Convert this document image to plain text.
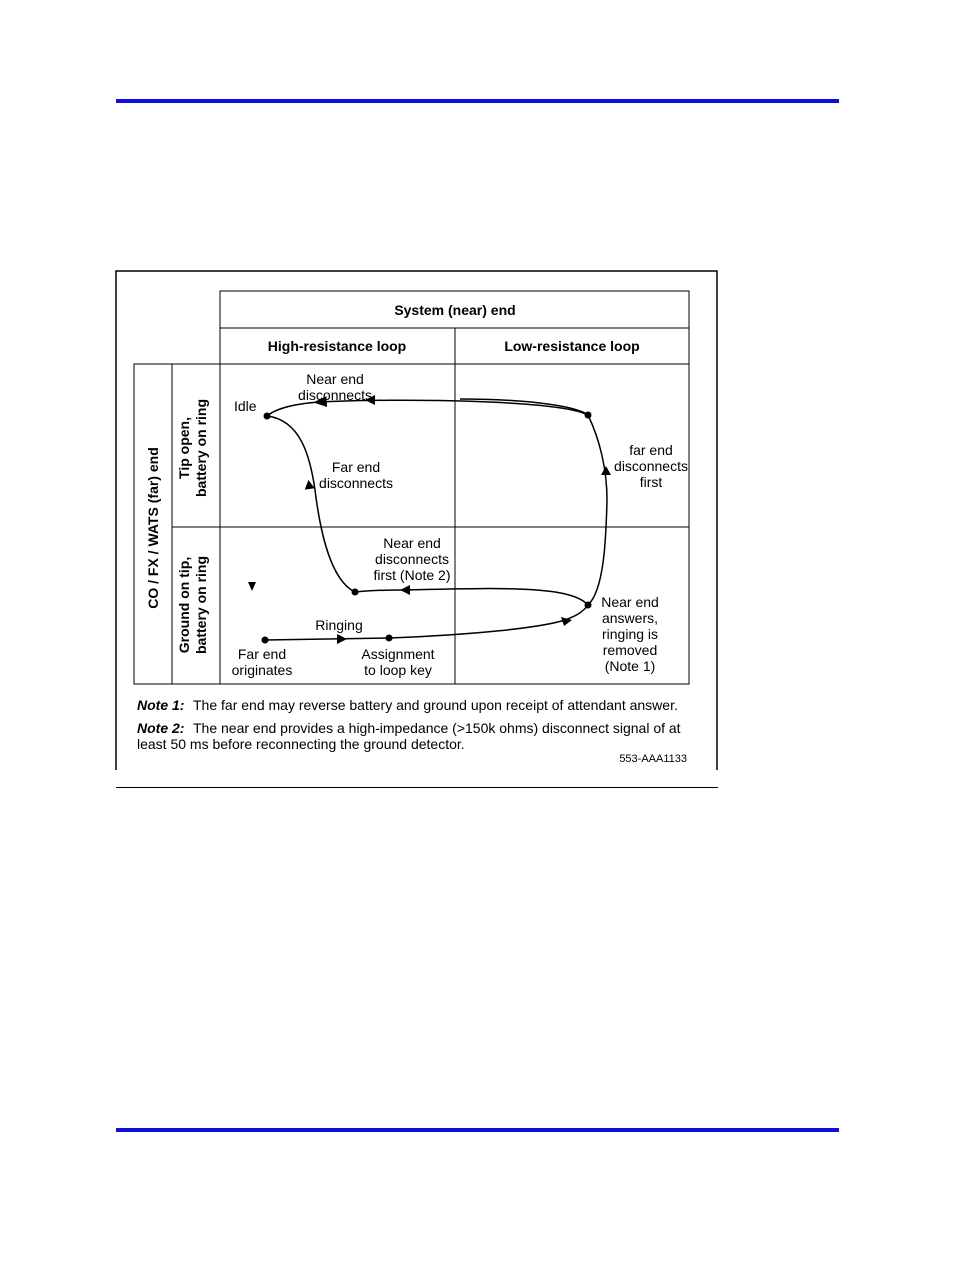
System (near) end
High-resistance loop	Low-resistance loop
CO / FX / WATS (far) end Tip open, battery on ring
Ground on tip, battery on ring
Idle
Near end
disconnects
Far end
disconnects
far end
disconnects
first
Near end
disconnects
first (Note 2)
Ringing
Far end
originates
Assignment
to loop key
Near end
answers,
ringing is
removed
(Note 1)
Note 1: The far end may reverse battery and ground upon receipt of attendant answer.
Note 2: The near end provides a high-impedance (>150k ohms) disconnect signal of at
least 50 ms before reconnecting the ground detector.
553-AAA1133
